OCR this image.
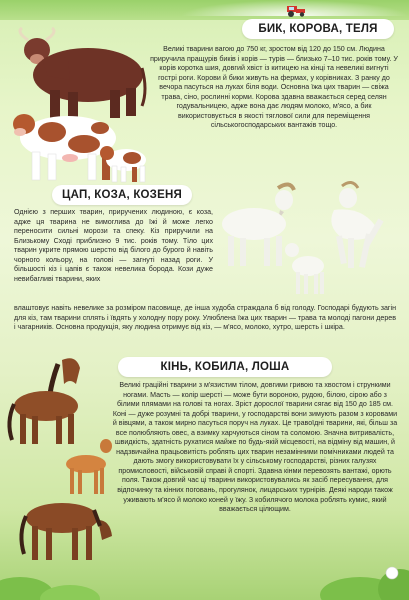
БИК, КОРОВА, ТЕЛЯ

Великі тварини вагою до 750 кг, зростом від 120 до 150 см. Людина приручила пращурів биків і корів — турів — близько 7–10 тис. років тому. У корів коротка шия, довгий хвіст із китицею на кінці та невеликі вигнуті гострі роги. Корови й бики живуть на фермах, у корівниках. З ранку до вечора пасуться на луках біля води. Основна їжа цих тварин — свіжа трава, сіно, рослинні корми. Корова здавна вважається серед селян годувальницею, адже вона дає людям молоко, м'ясо, а бик використовується в якості тяглової сили для переміщення сільськогосподарських вантажів тощо.

ЦАП, КОЗА, КОЗЕНЯ

Однією з перших тварин, приручених людиною, є коза, адже ця тварина не вимоглива до їжі й може легко переносити сильні морози та спеку. Кіз приручили на Близькому Сході приблизно 9 тис. років тому. Тіло цих тварин укрите прямою шерстю від білого до бурого й навіть чорного кольору, на голові — загнуті назад роги. У більшості кіз і цапів є також невелика борода. Кози дуже невибагливі тварини, яких

влаштовує навіть невелике за розміром пасовище, де інша худоба страждала б від голоду. Господарі будують загін для кіз, там тварини сплять і ївдять у холодну пору року. Улюблена їжа цих тварин — трава та молоді пагони дерев і чагарників. Основна продукція, яку людина отримує від кіз, — м'ясо, молоко, хутро, шерсть і шкіра.

КІНЬ, КОБИЛА, ЛОША

Великі грацiйні тварини з м'язистим тілом, довгими гривою та хвостом і стрункими ногами. Масть — колір шерсті — може бути вороною, рудою, білою, сірою або з білими плямами на голові та ногах. Зріст дорослої тварини сягає від 150 до 185 см. Коні — дуже розумні та добрі тварини, у господарстві вони зимують разом з коровами й вівцями, а також мирно пасуться поруч на луках. Це травоїдні тварини, які, більш за все полюбляють овес, а взимку харчуються сіном та соломою. Значна витривалість, швидкість, здатність рухатися майже по будь-якій місцевості, на відміну від машин, й надзвичайна працьовитість роблять цих тварин незамінними помічниками людей та дають змогу використовувати їх у сільському господарстві, різних галузях промисловості, військовій справі й спорті. Здавна кінми перевозять вантажі, орють поля. Також довгий час ці тварини використовувались як засіб пересування, для відпочинку та кінних поговань, прогулянок, лицарських турнірів. Деякі народи також уживають м'ясо й молоко коней у їжу. З кобилячого молока роблять кумис, який вважається цілющим.
